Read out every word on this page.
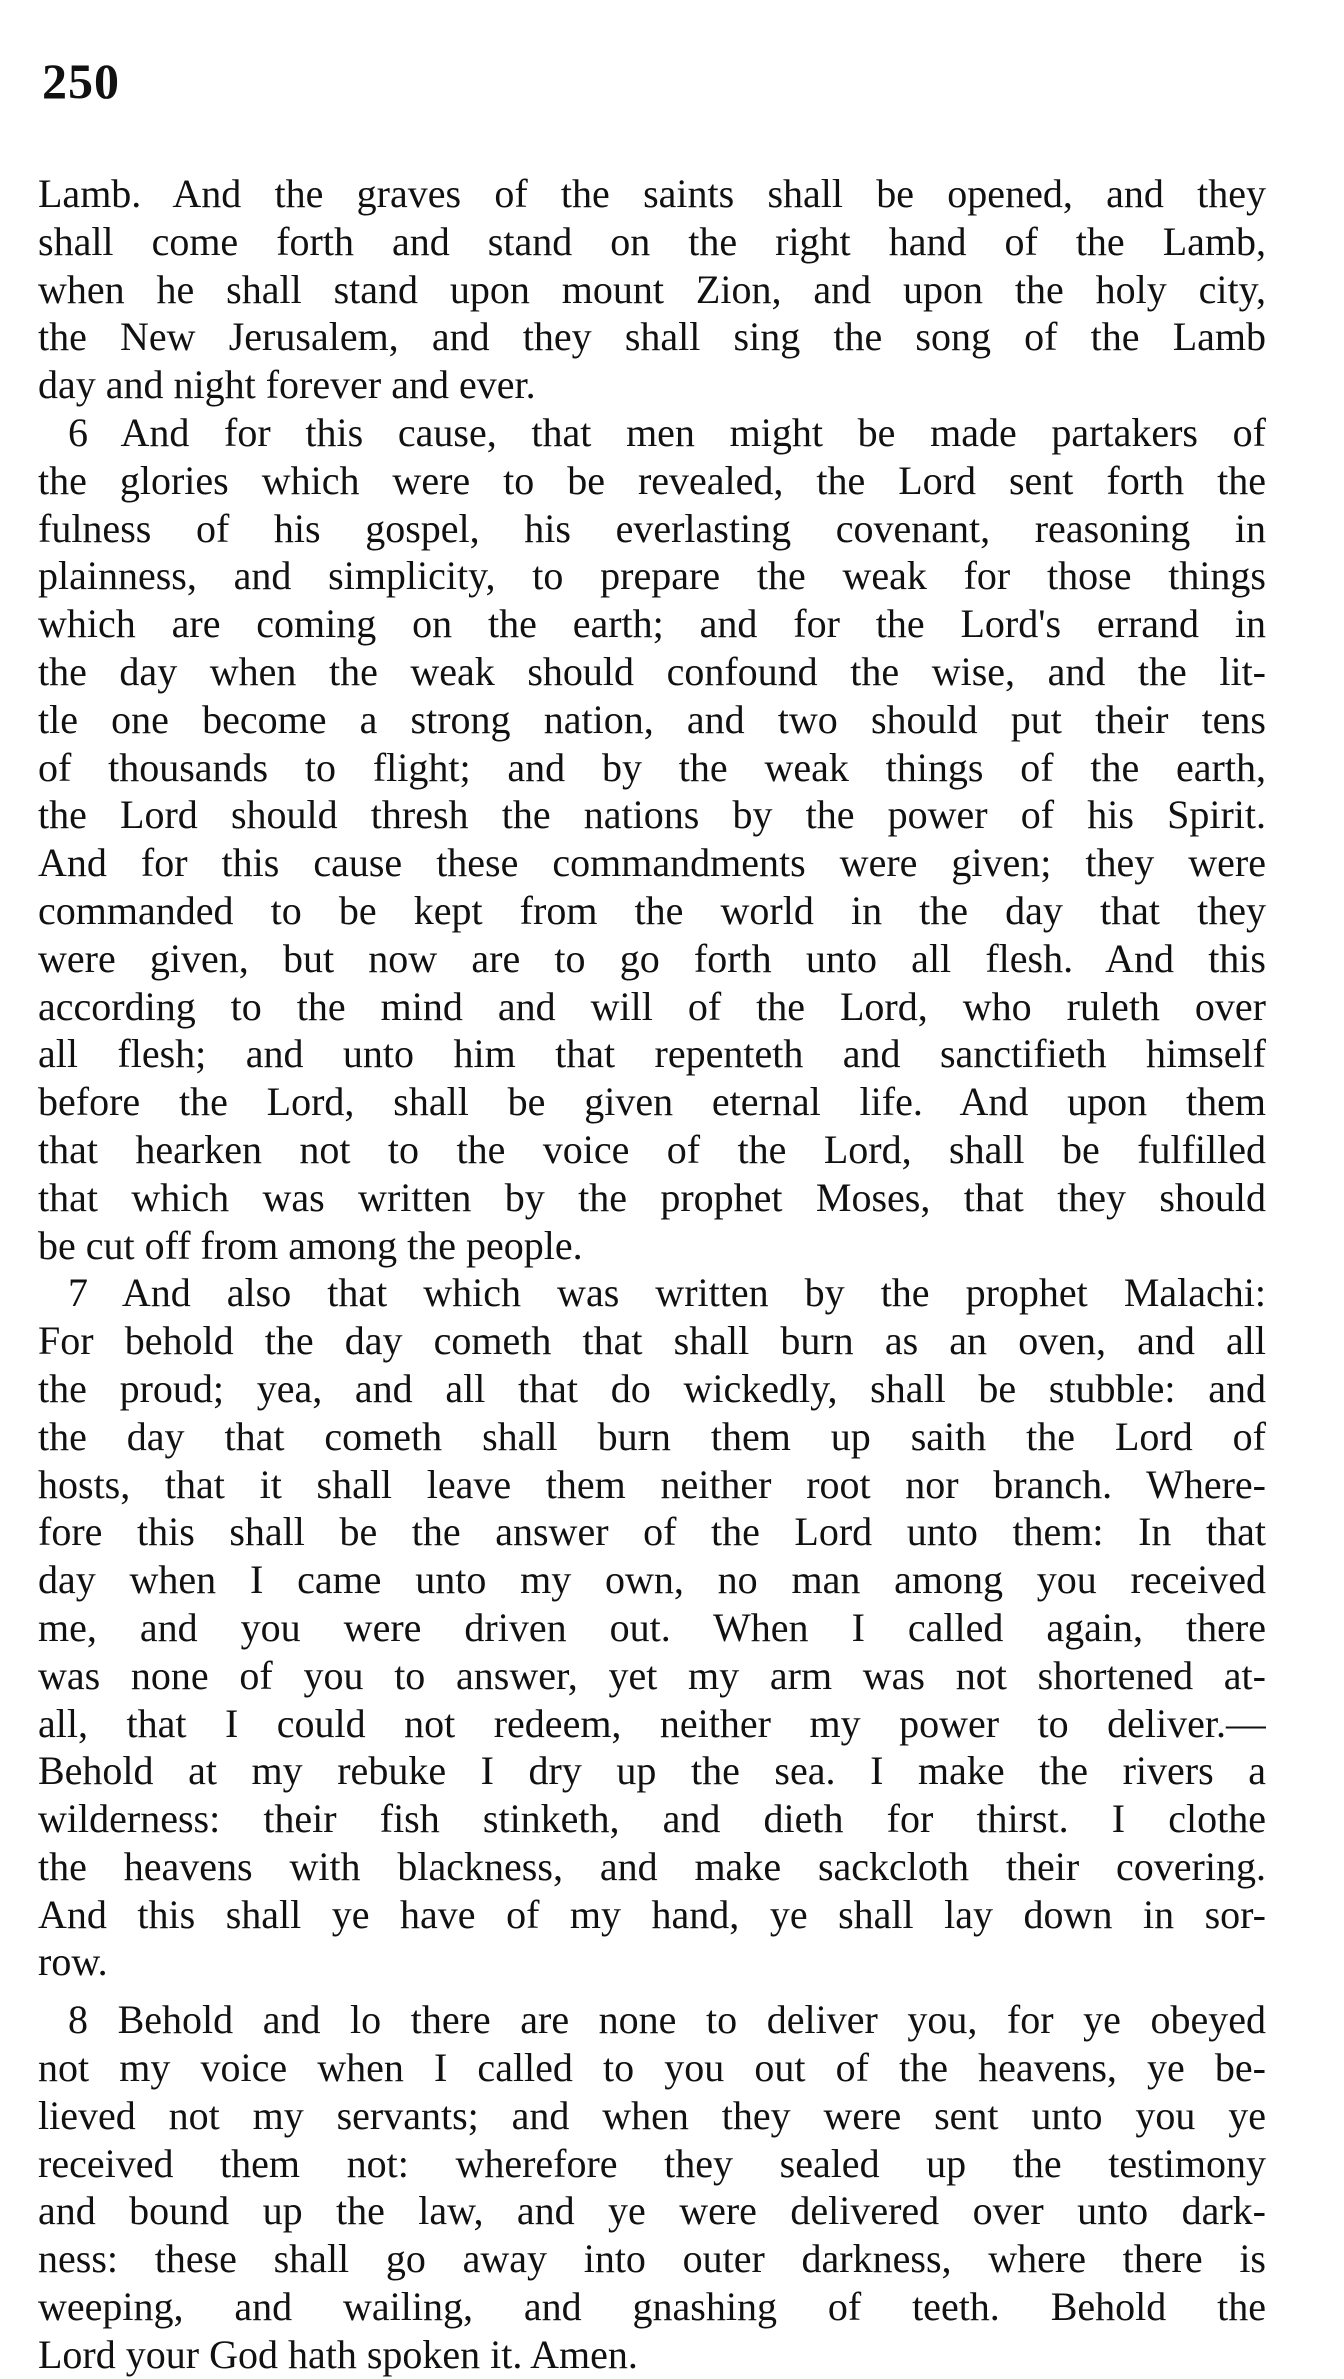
250
Lamb. And the graves of the saints shall be opened, and they
shall come forth and stand on the right hand of the Lamb,
when he shall stand upon mount Zion, and upon the holy city,
the New Jerusalem, and they shall sing the song of the Lamb
day and night forever and ever.
6 And for this cause, that men might be made partakers of
the glories which were to be revealed, the Lord sent forth the
fulness of his gospel, his everlasting covenant, reasoning in
plainness, and simplicity, to prepare the weak for those things
which are coming on the earth; and for the Lord's errand in
the day when the weak should confound the wise, and the lit-
tle one become a strong nation, and two should put their tens
of thousands to flight; and by the weak things of the earth,
the Lord should thresh the nations by the power of his Spirit.
And for this cause these commandments were given; they were
commanded to be kept from the world in the day that they
were given, but now are to go forth unto all flesh. And this
according to the mind and will of the Lord, who ruleth over
all flesh; and unto him that repenteth and sanctifieth himself
before the Lord, shall be given eternal life. And upon them
that hearken not to the voice of the Lord, shall be fulfilled
that which was written by the prophet Moses, that they should
be cut off from among the people.
7 And also that which was written by the prophet Malachi:
For behold the day cometh that shall burn as an oven, and all
the proud; yea, and all that do wickedly, shall be stubble: and
the day that cometh shall burn them up saith the Lord of
hosts, that it shall leave them neither root nor branch. Where-
fore this shall be the answer of the Lord unto them: In that
day when I came unto my own, no man among you received
me, and you were driven out. When I called again, there
was none of you to answer, yet my arm was not shortened at-
all, that I could not redeem, neither my power to deliver.—
Behold at my rebuke I dry up the sea. I make the rivers a
wilderness: their fish stinketh, and dieth for thirst. I clothe
the heavens with blackness, and make sackcloth their covering.
And this shall ye have of my hand, ye shall lay down in sor-
row.
8 Behold and lo there are none to deliver you, for ye obeyed
not my voice when I called to you out of the heavens, ye be-
lieved not my servants; and when they were sent unto you ye
received them not: wherefore they sealed up the testimony
and bound up the law, and ye were delivered over unto dark-
ness: these shall go away into outer darkness, where there is
weeping, and wailing, and gnashing of teeth. Behold the
Lord your God hath spoken it. Amen.
